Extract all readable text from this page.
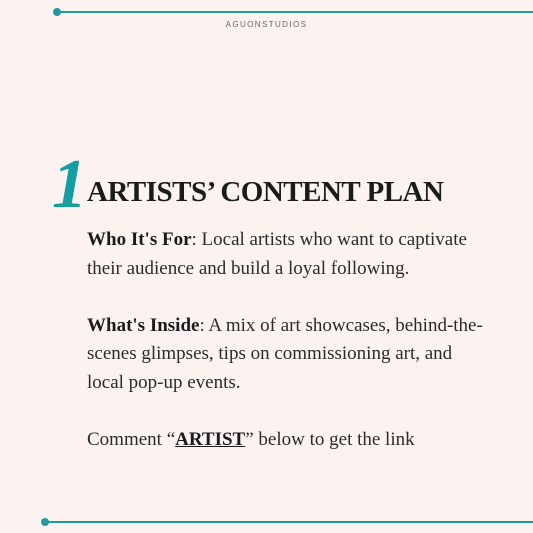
AGUONSTUDIOS
1 ARTISTS’ CONTENT PLAN

Who It's For: Local artists who want to captivate their audience and build a loyal following.

What's Inside: A mix of art showcases, behind-the-scenes glimpses, tips on commissioning art, and local pop-up events.

Comment “ARTIST” below to get the link
